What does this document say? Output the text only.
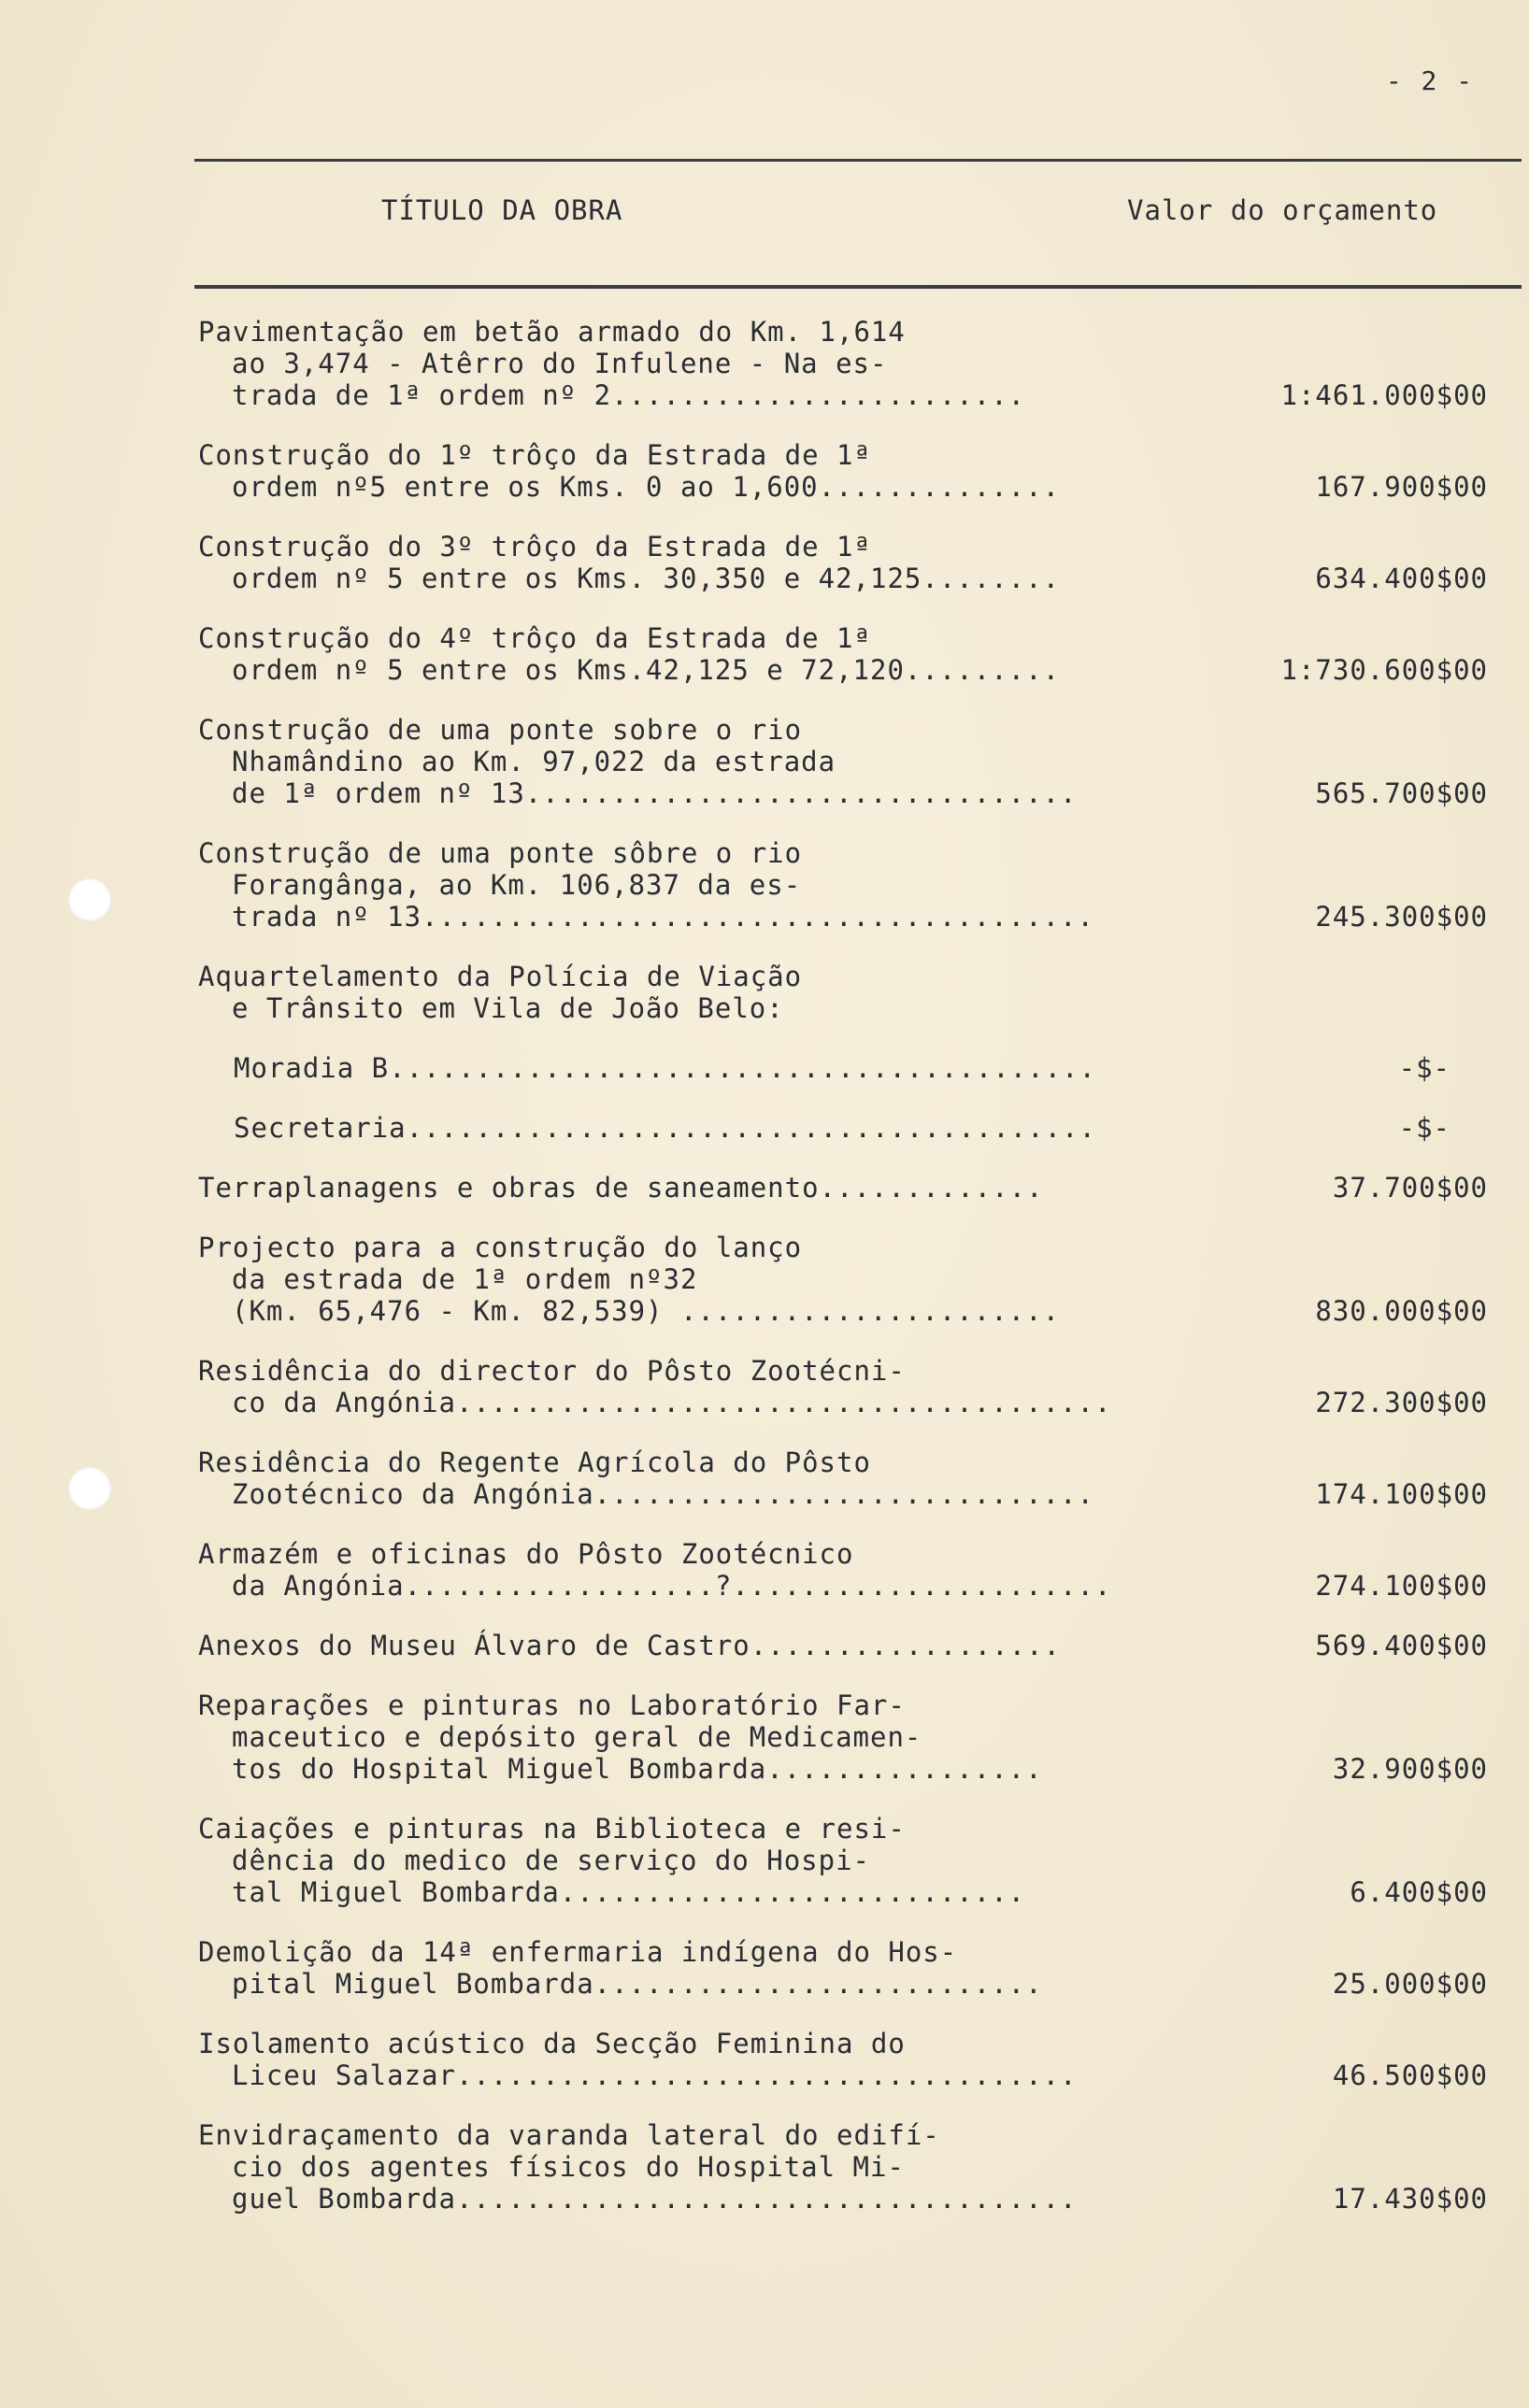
- 2 -
TÍTULO DA OBRA	Valor do orçamento
Pavimentação em betão armado do Km. 1,614
ao 3,474 - Atêrro do Infulene - Na es-
trada de 1ª ordem nº 2........................	1:461.000$00
Construção do 1º trôço da Estrada de 1ª
ordem nº5 entre os Kms. 0 ao 1,600..............	167.900$00
Construção do 3º trôço da Estrada de 1ª
ordem nº 5 entre os Kms. 30,350 e 42,125........	634.400$00
Construção do 4º trôço da Estrada de 1ª
ordem nº 5 entre os Kms.42,125 e 72,120.........	1:730.600$00
Construção de uma ponte sobre o rio
Nhamândino ao Km. 97,022 da estrada
de 1ª ordem nº 13................................	565.700$00
Construção de uma ponte sôbre o rio
Forangânga, ao Km. 106,837 da es-
trada nº 13.......................................	245.300$00
Aquartelamento da Polícia de Viação
e Trânsito em Vila de João Belo:
Moradia B.........................................	-$-
Secretaria........................................	-$-
Terraplanagens e obras de saneamento.............	37.700$00
Projecto para a construção do lanço
da estrada de 1ª ordem nº32
(Km. 65,476 - Km. 82,539) ......................	830.000$00
Residência do director do Pôsto Zootécni-
co da Angónia......................................	272.300$00
Residência do Regente Agrícola do Pôsto
Zootécnico da Angónia.............................	174.100$00
Armazém e oficinas do Pôsto Zootécnico
da Angónia..................?......................	274.100$00
Anexos do Museu Álvaro de Castro..................	569.400$00
Reparações e pinturas no Laboratório Far-
maceutico e depósito geral de Medicamen-
tos do Hospital Miguel Bombarda................	32.900$00
Caiações e pinturas na Biblioteca e resi-
dência do medico de serviço do Hospi-
tal Miguel Bombarda...........................	6.400$00
Demolição da 14ª enfermaria indígena do Hos-
pital Miguel Bombarda..........................	25.000$00
Isolamento acústico da Secção Feminina do
Liceu Salazar....................................	46.500$00
Envidraçamento da varanda lateral do edifí-
cio dos agentes físicos do Hospital Mi-
guel Bombarda....................................	17.430$00
